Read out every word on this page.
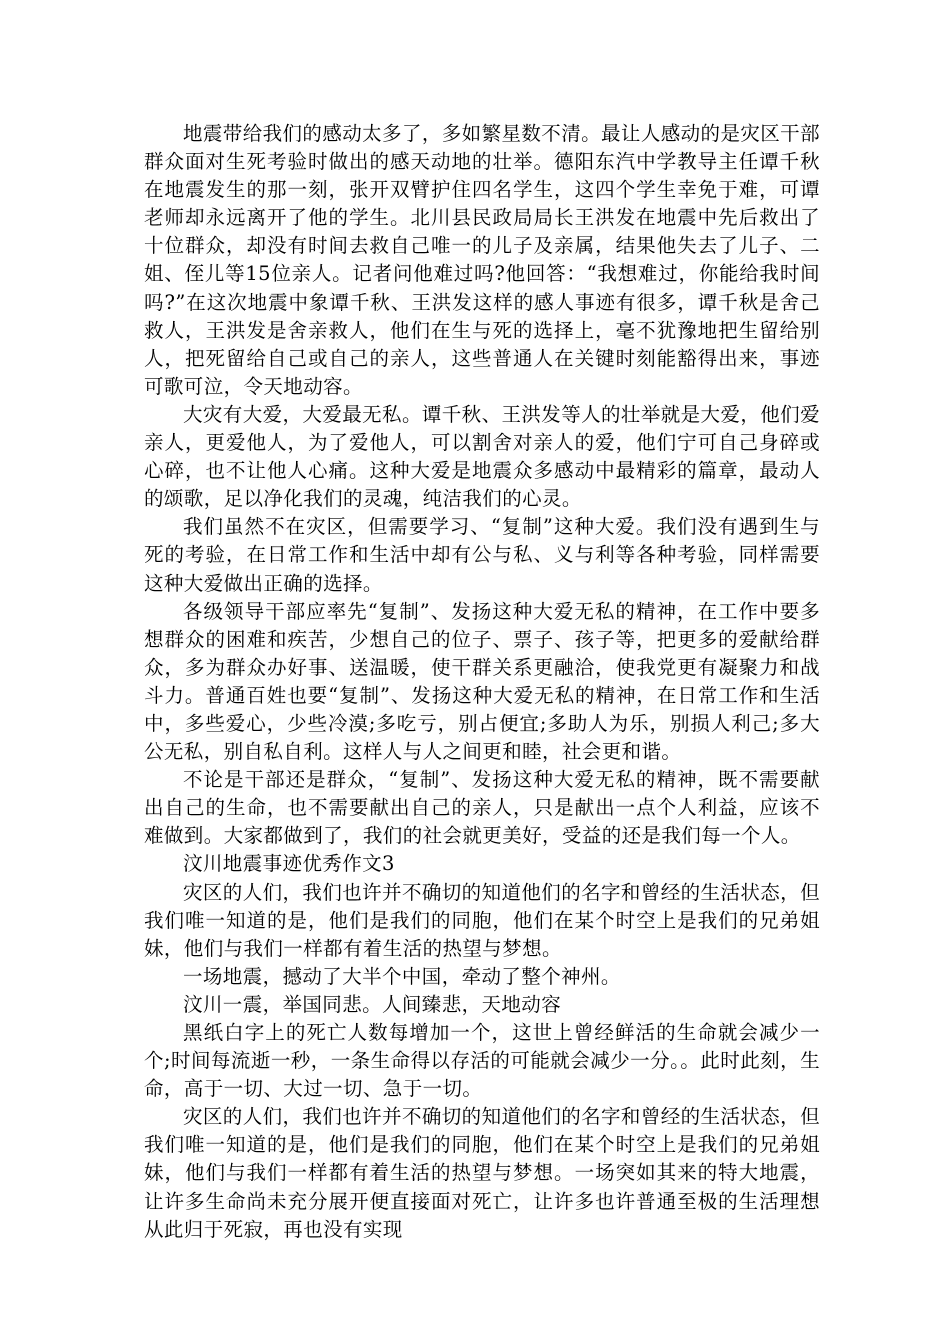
地震带给我们的感动太多了，多如繁星数不清。最让人感动的是灾区干部群众面对生死考验时做出的感天动地的壮举。德阳东汽中学教导主任谭千秋在地震发生的那一刻，张开双臂护住四名学生，这四个学生幸免于难，可谭老师却永远离开了他的学生。北川县民政局局长王洪发在地震中先后救出了十位群众，却没有时间去救自己唯一的儿子及亲属，结果他失去了儿子、二姐、侄儿等15位亲人。记者问他难过吗?他回答：“我想难过，你能给我时间吗?”在这次地震中象谭千秋、王洪发这样的感人事迹有很多，谭千秋是舍己救人，王洪发是舍亲救人，他们在生与死的选择上，毫不犹豫地把生留给别人，把死留给自己或自己的亲人，这些普通人在关键时刻能豁得出来，事迹可歌可泣，令天地动容。

大灾有大爱，大爱最无私。谭千秋、王洪发等人的壮举就是大爱，他们爱亲人，更爱他人，为了爱他人，可以割舍对亲人的爱，他们宁可自己身碎或心碎，也不让他人心痛。这种大爱是地震众多感动中最精彩的篇章，最动人的颂歌，足以净化我们的灵魂，纯洁我们的心灵。

我们虽然不在灾区，但需要学习、“复制”这种大爱。我们没有遇到生与死的考验，在日常工作和生活中却有公与私、义与利等各种考验，同样需要这种大爱做出正确的选择。

各级领导干部应率先“复制”、发扬这种大爱无私的精神，在工作中要多想群众的困难和疾苦，少想自己的位子、票子、孩子等，把更多的爱献给群众，多为群众办好事、送温暖，使干群关系更融洽，使我党更有凝聚力和战斗力。普通百姓也要“复制”、发扬这种大爱无私的精神，在日常工作和生活中，多些爱心，少些冷漠;多吃亏，别占便宜;多助人为乐，别损人利己;多大公无私，别自私自利。这样人与人之间更和睦，社会更和谐。

不论是干部还是群众，“复制”、发扬这种大爱无私的精神，既不需要献出自己的生命，也不需要献出自己的亲人，只是献出一点个人利益，应该不难做到。大家都做到了，我们的社会就更美好，受益的还是我们每一个人。

汶川地震事迹优秀作文3

灾区的人们，我们也许并不确切的知道他们的名字和曾经的生活状态，但我们唯一知道的是，他们是我们的同胞，他们在某个时空上是我们的兄弟姐妹，他们与我们一样都有着生活的热望与梦想。

一场地震，撼动了大半个中国，牵动了整个神州。

汶川一震，举国同悲。人间臻悲，天地动容

黑纸白字上的死亡人数每增加一个，这世上曾经鲜活的生命就会减少一个;时间每流逝一秒，一条生命得以存活的可能就会减少一分。。此时此刻，生命，高于一切、大过一切、急于一切。

灾区的人们，我们也许并不确切的知道他们的名字和曾经的生活状态，但我们唯一知道的是，他们是我们的同胞，他们在某个时空上是我们的兄弟姐妹，他们与我们一样都有着生活的热望与梦想。一场突如其来的特大地震，让许多生命尚未充分展开便直接面对死亡，让许多也许普通至极的生活理想从此归于死寂，再也没有实现
